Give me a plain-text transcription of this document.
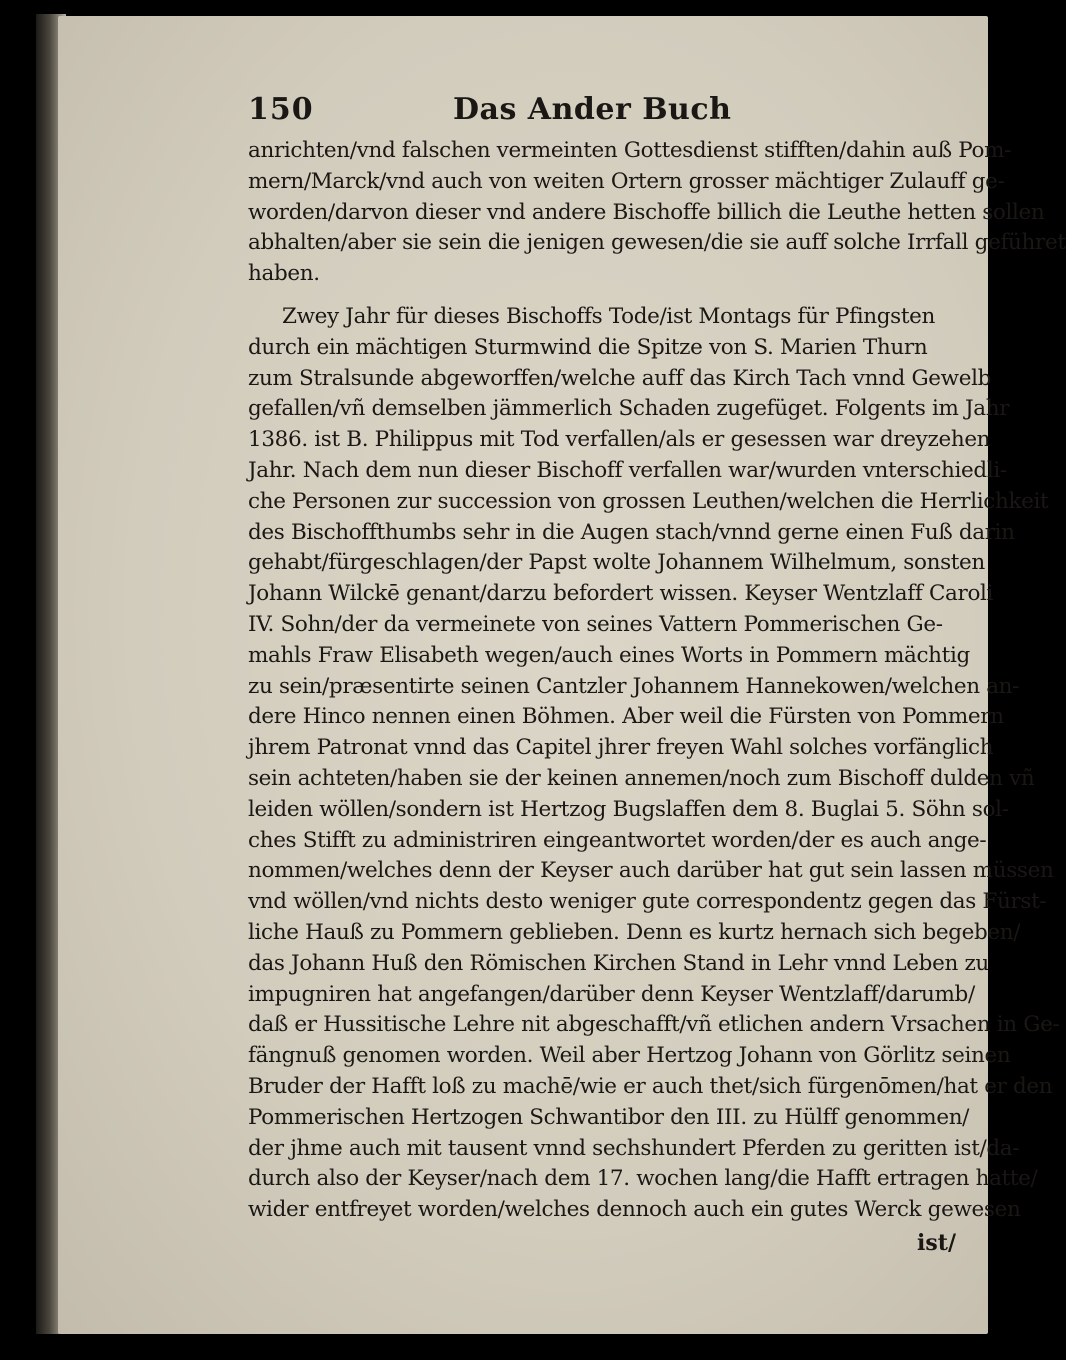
150	Das Ander Buch
anrichten/vnd falschen vermeinten Gottesdienst stifften/dahin auß Pom-
mern/Marck/vnd auch von weiten Ortern grosser mächtiger Zulauff ge-
worden/darvon dieser vnd andere Bischoffe billich die Leuthe hetten sollen
abhalten/aber sie sein die jenigen gewesen/die sie auff solche Irrfall geführet
haben.
Zwey Jahr für dieses Bischoffs Tode/ist Montags für Pfingsten
durch ein mächtigen Sturmwind die Spitze von S. Marien Thurn
zum Stralsunde abgeworffen/welche auff das Kirch Tach vnnd Gewelb
gefallen/vñ demselben jämmerlich Schaden zugefüget. Folgents im Jahr
1386. ist B. Philippus mit Tod verfallen/als er gesessen war dreyzehen
Jahr. Nach dem nun dieser Bischoff verfallen war/wurden vnterschiedli-
che Personen zur succession von grossen Leuthen/welchen die Herrlichkeit
des Bischoffthumbs sehr in die Augen stach/vnnd gerne einen Fuß darin
gehabt/fürgeschlagen/der Papst wolte Johannem Wilhelmum, sonsten
Johann Wilckē genant/darzu befordert wissen. Keyser Wentzlaff Caroli
IV. Sohn/der da vermeinete von seines Vattern Pommerischen Ge-
mahls Fraw Elisabeth wegen/auch eines Worts in Pommern mächtig
zu sein/præsentirte seinen Cantzler Johannem Hannekowen/welchen an-
dere Hinco nennen einen Böhmen. Aber weil die Fürsten von Pommern
jhrem Patronat vnnd das Capitel jhrer freyen Wahl solches vorfänglich
sein achteten/haben sie der keinen annemen/noch zum Bischoff dulden vñ
leiden wöllen/sondern ist Hertzog Bugslaffen dem 8. Buglai 5. Söhn sol-
ches Stifft zu administriren eingeantwortet worden/der es auch ange-
nommen/welches denn der Keyser auch darüber hat gut sein lassen müssen
vnd wöllen/vnd nichts desto weniger gute correspondentz gegen das Fürst-
liche Hauß zu Pommern geblieben. Denn es kurtz hernach sich begeben/
das Johann Huß den Römischen Kirchen Stand in Lehr vnnd Leben zu
impugniren hat angefangen/darüber denn Keyser Wentzlaff/darumb/
daß er Hussitische Lehre nit abgeschafft/vñ etlichen andern Vrsachen in Ge-
fängnuß genomen worden. Weil aber Hertzog Johann von Görlitz seinen
Bruder der Hafft loß zu machē/wie er auch thet/sich fürgenōmen/hat er den
Pommerischen Hertzogen Schwantibor den III. zu Hülff genommen/
der jhme auch mit tausent vnnd sechshundert Pferden zu geritten ist/da-
durch also der Keyser/nach dem 17. wochen lang/die Hafft ertragen hatte/
wider entfreyet worden/welches dennoch auch ein gutes Werck gewesen
ist/
